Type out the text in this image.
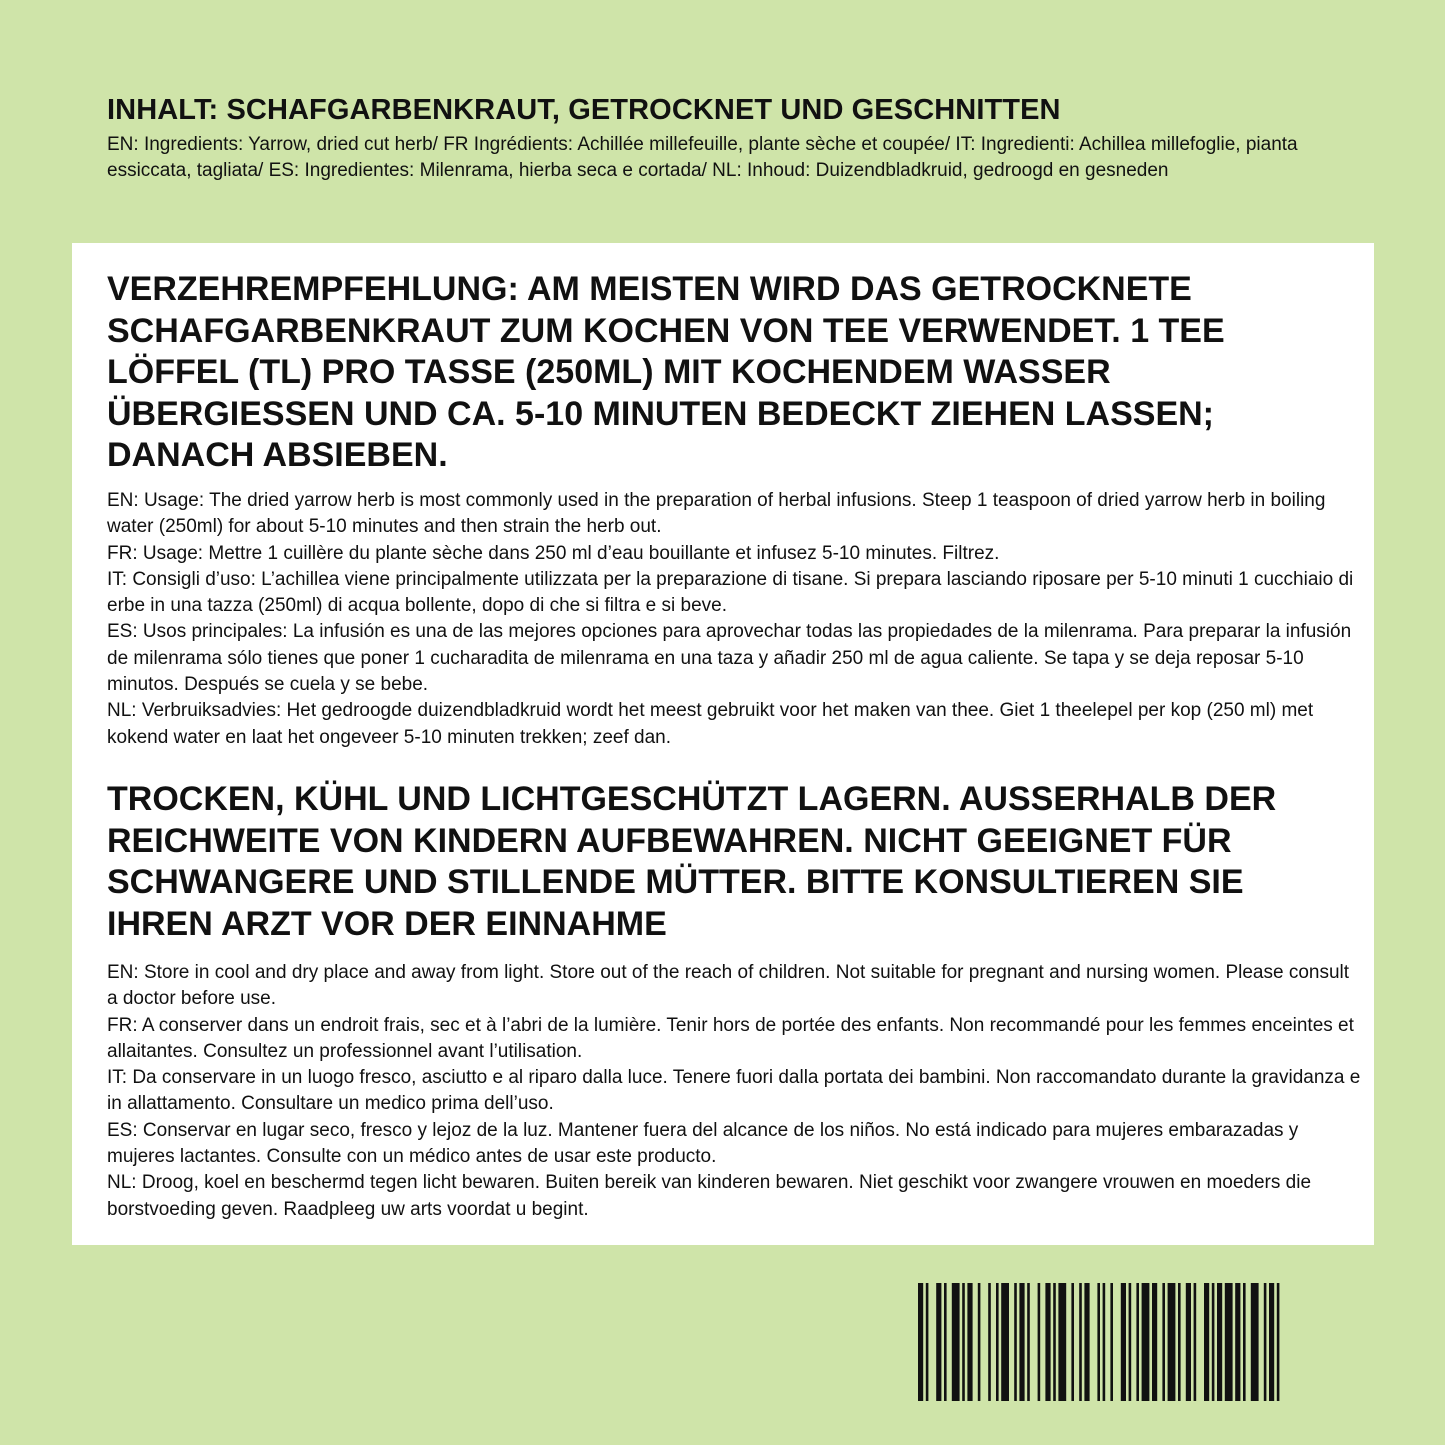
INHALT: SCHAFGARBENKRAUT, GETROCKNET UND GESCHNITTEN

EN: Ingredients: Yarrow, dried cut herb/ FR Ingrédients: Achillée millefeuille, plante sèche et coupée/ IT: Ingredienti: Achillea millefoglie, pianta essiccata, tagliata/ ES: Ingredientes: Milenrama, hierba seca e cortada/ NL: Inhoud: Duizendbladkruid, gedroogd en gesneden

VERZEHREMPFEHLUNG: AM MEISTEN WIRD DAS GETROCKNETE SCHAFGARBENKRAUT ZUM KOCHEN VON TEE VERWENDET. 1 TEE LÖFFEL (TL) PRO TASSE (250ML) MIT KOCHENDEM WASSER ÜBERGIESSEN UND CA. 5-10 MINUTEN BEDECKT ZIEHEN LASSEN; DANACH ABSIEBEN.
EN: Usage: The dried yarrow herb is most commonly used in the preparation of herbal infusions. Steep 1 teaspoon of dried yarrow herb in boiling water (250ml) for about 5-10 minutes and then strain the herb out.
FR: Usage: Mettre 1 cuillère du plante sèche dans 250 ml d’eau bouillante et infusez 5-10 minutes. Filtrez.
IT: Consigli d’uso: L’achillea viene principalmente utilizzata per la preparazione di tisane. Si prepara lasciando riposare per 5-10 minuti 1 cucchiaio di erbe in una tazza (250ml) di acqua bollente, dopo di che si filtra e si beve.
ES: Usos principales: La infusión es una de las mejores opciones para aprovechar todas las propiedades de la milenrama. Para preparar la infusión de milenrama sólo tienes que poner 1 cucharadita de milenrama en una taza y añadir 250 ml de agua caliente. Se tapa y se deja reposar 5-10 minutos. Después se cuela y se bebe.
NL: Verbruiksadvies: Het gedroogde duizendbladkruid wordt het meest gebruikt voor het maken van thee. Giet 1 theelepel per kop (250 ml) met kokend water en laat het ongeveer 5-10 minuten trekken; zeef dan.
TROCKEN, KÜHL UND LICHTGESCHÜTZT LAGERN. AUSSERHALB DER REICHWEITE VON KINDERN AUFBEWAHREN. NICHT GEEIGNET FÜR SCHWANGERE UND STILLENDE MÜTTER. BITTE KONSULTIEREN SIE IHREN ARZT VOR DER EINNAHME
EN: Store in cool and dry place and away from light. Store out of the reach of children. Not suitable for pregnant and nursing women. Please consult a doctor before use.
FR: A conserver dans un endroit frais, sec et à l’abri de la lumière. Tenir hors de portée des enfants. Non recommandé pour les femmes enceintes et allaitantes. Consultez un professionnel avant l’utilisation.
IT: Da conservare in un luogo fresco, asciutto e al riparo dalla luce. Tenere fuori dalla portata dei bambini. Non raccomandato durante la gravidanza e in allattamento. Consultare un medico prima dell’uso.
ES: Conservar en lugar seco, fresco y lejoz de la luz. Mantener fuera del alcance de los niños. No está indicado para mujeres embarazadas y mujeres lactantes. Consulte con un médico antes de usar este producto.
NL: Droog, koel en beschermd tegen licht bewaren. Buiten bereik van kinderen bewaren. Niet geschikt voor zwangere vrouwen en moeders die borstvoeding geven. Raadpleeg uw arts voordat u begint.
